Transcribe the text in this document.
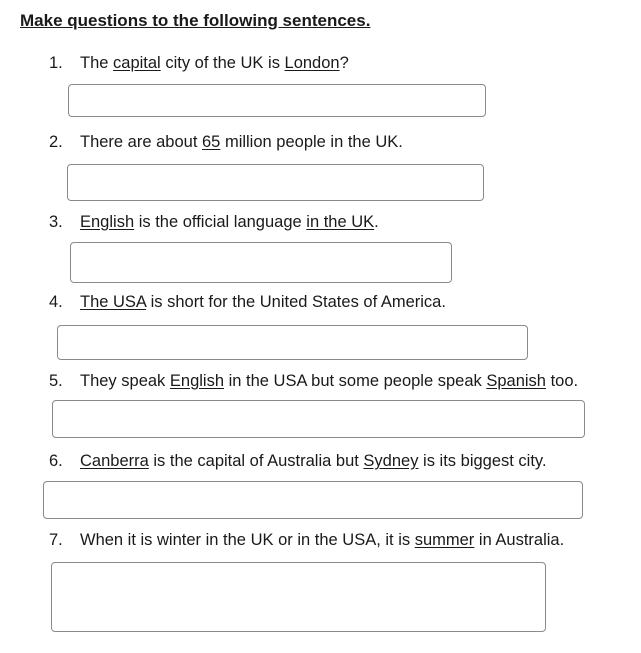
Make questions to the following sentences.
1. The capital city of the UK is London?
2. There are about 65 million people in the UK.
3. English is the official language in the UK.
4. The USA is short for the United States of America.
5. They speak English in the USA but some people speak Spanish too.
6. Canberra is the capital of Australia but Sydney is its biggest city.
7. When it is winter in the UK or in the USA, it is summer in Australia.
